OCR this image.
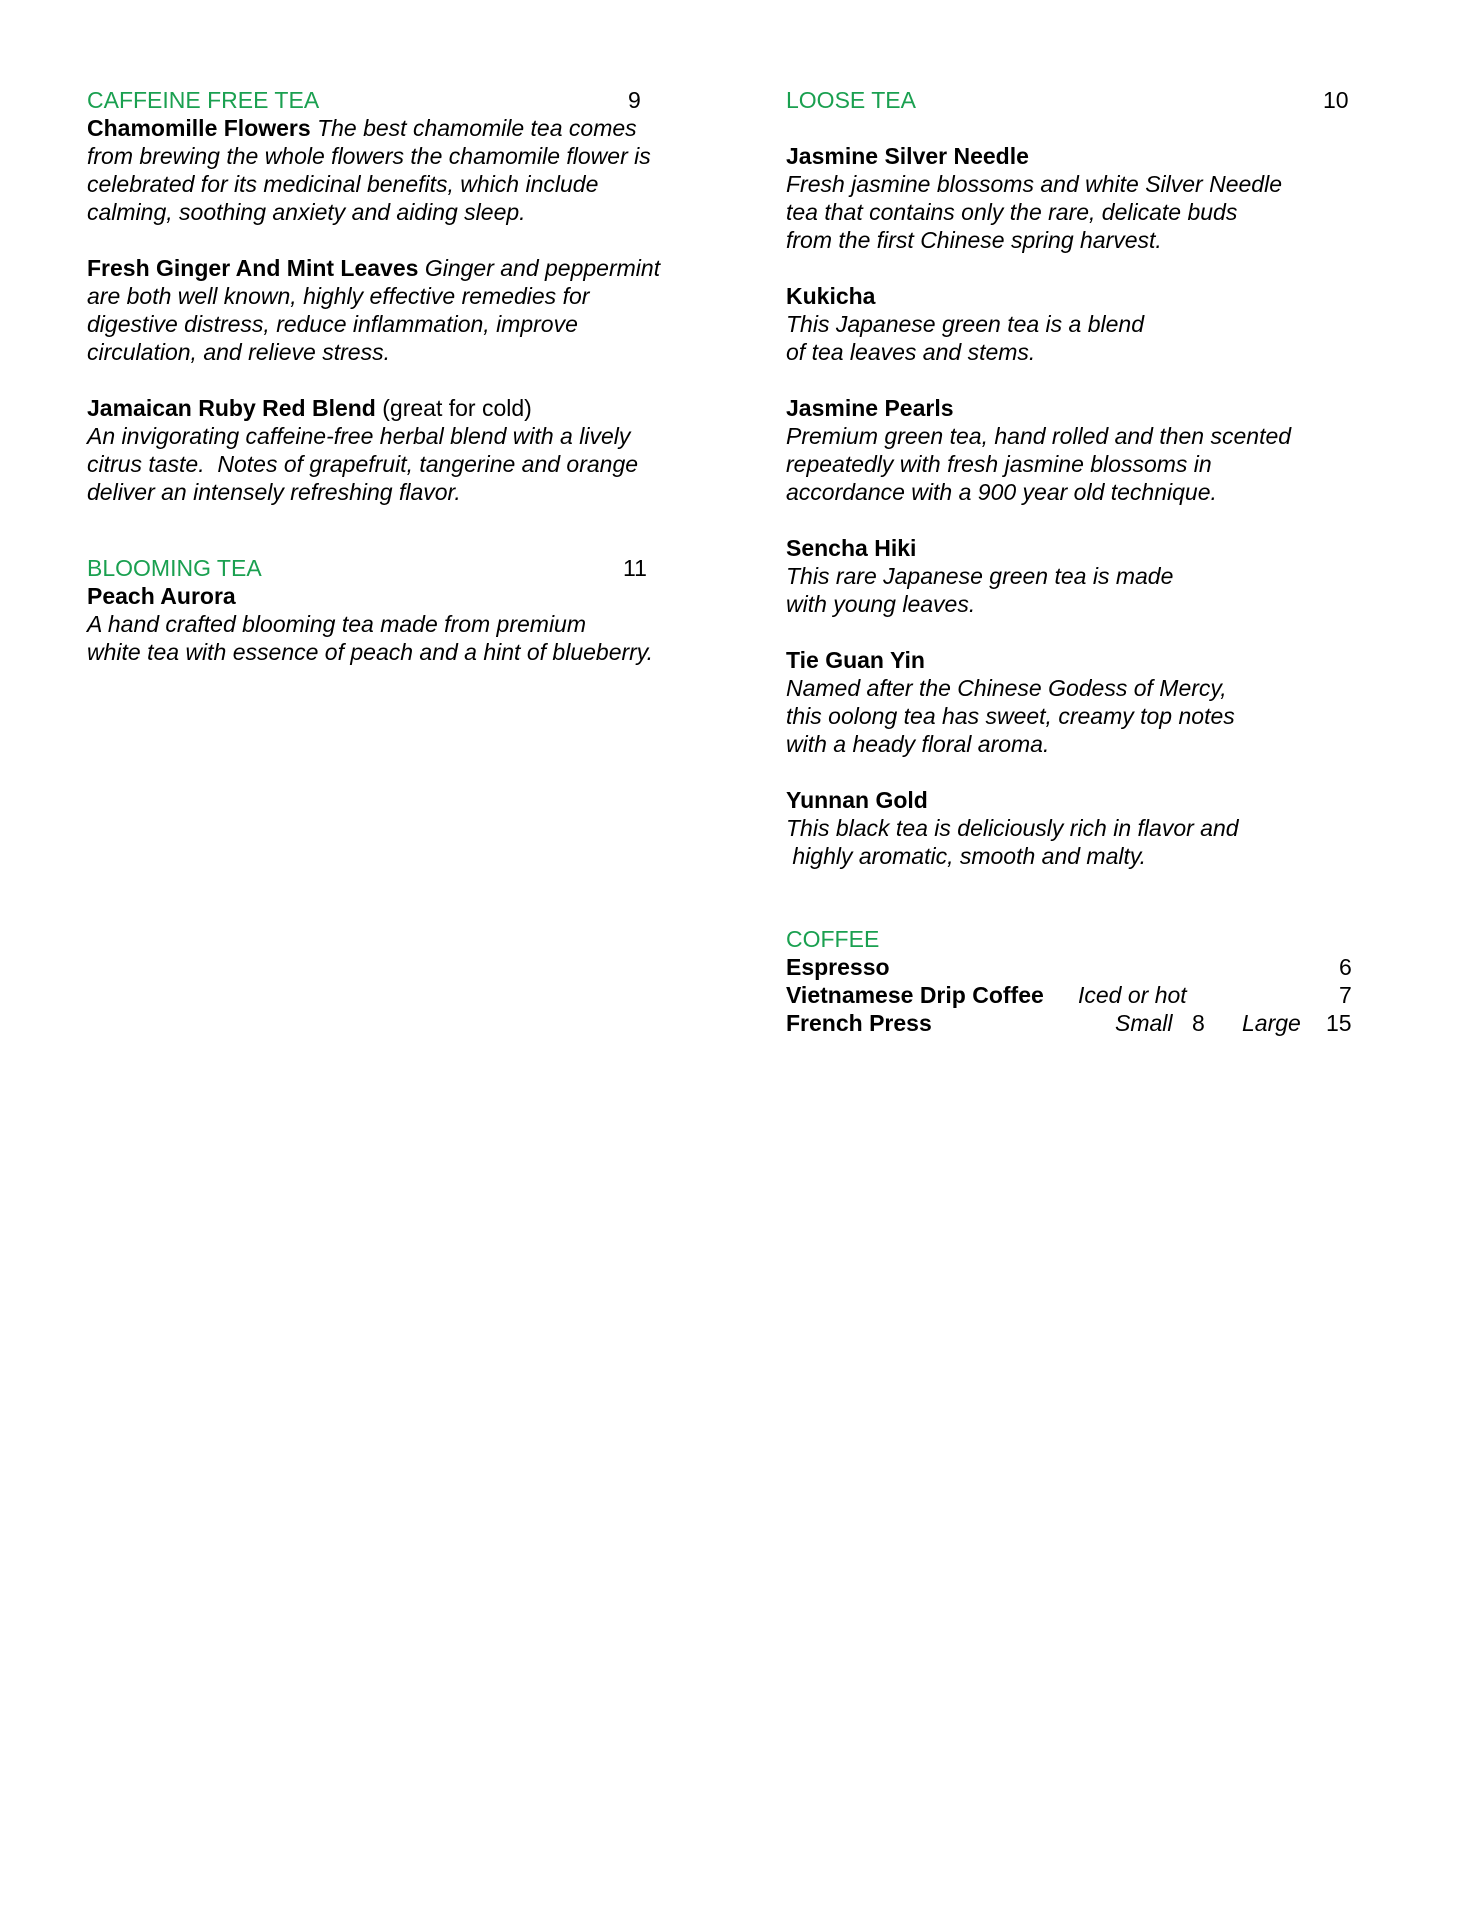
CAFFEINE FREE TEA	9
Chamomille Flowers The best chamomile tea comes
from brewing the whole flowers the chamomile flower is
celebrated for its medicinal benefits, which include
calming, soothing anxiety and aiding sleep.
Fresh Ginger And Mint Leaves Ginger and peppermint
are both well known, highly effective remedies for
digestive distress, reduce inflammation, improve
circulation, and relieve stress.
Jamaican Ruby Red Blend (great for cold)
An invigorating caffeine-free herbal blend with a lively
citrus taste.  Notes of grapefruit, tangerine and orange
deliver an intensely refreshing flavor.
BLOOMING TEA	11
Peach Aurora
A hand crafted blooming tea made from premium
white tea with essence of peach and a hint of blueberry.
LOOSE TEA	10
Jasmine Silver Needle
Fresh jasmine blossoms and white Silver Needle
tea that contains only the rare, delicate buds
from the first Chinese spring harvest.
Kukicha
This Japanese green tea is a blend
of tea leaves and stems.
Jasmine Pearls
Premium green tea, hand rolled and then scented
repeatedly with fresh jasmine blossoms in
accordance with a 900 year old technique.
Sencha Hiki
This rare Japanese green tea is made
with young leaves.
Tie Guan Yin
Named after the Chinese Godess of Mercy,
this oolong tea has sweet, creamy top notes
with a heady floral aroma.
Yunnan Gold
This black tea is deliciously rich in flavor and
highly aromatic, smooth and malty.
COFFEE
Espresso	6
Vietnamese Drip Coffee Iced or hot	7
French Press	Small 8 Large 15
